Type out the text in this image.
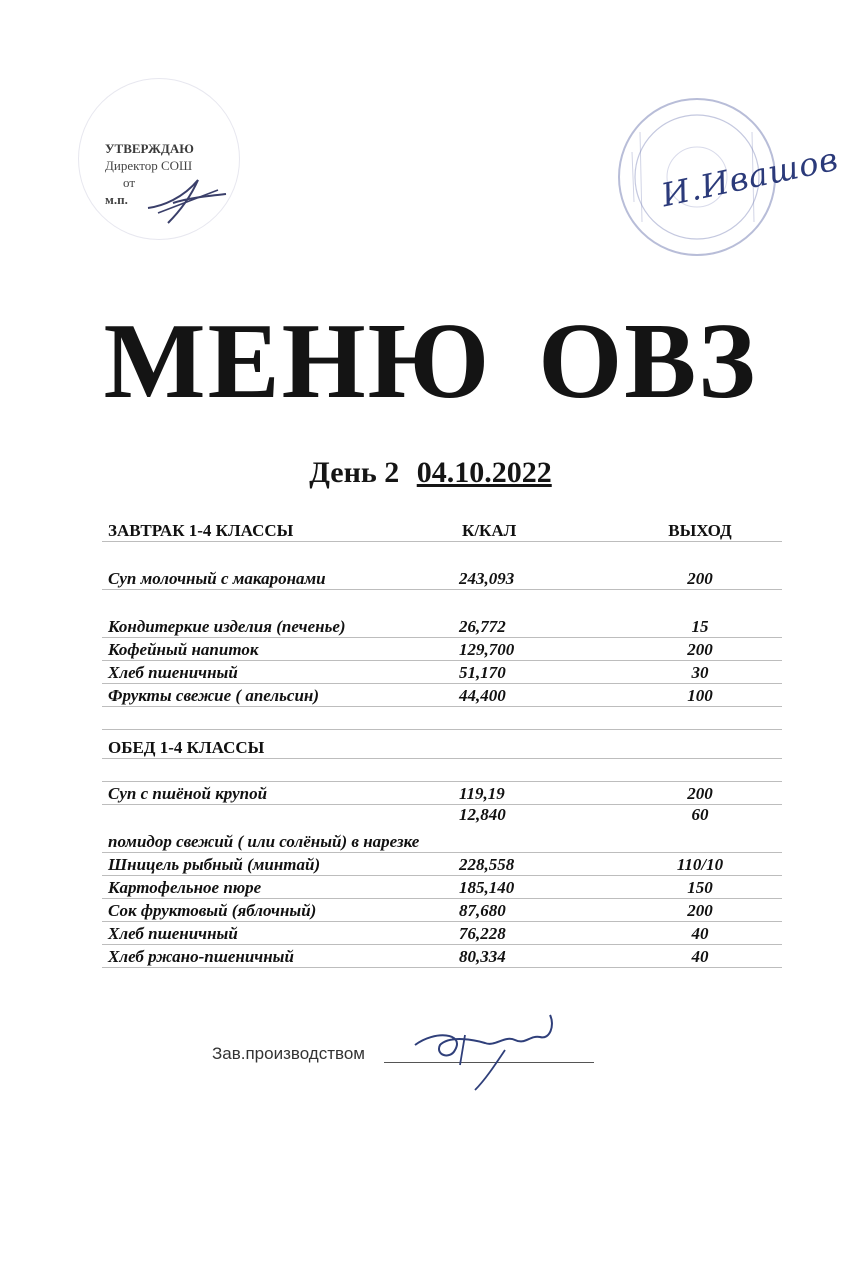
УТВЕРЖДАЮ
Директор СОШ
от
м.п.	И.Ивашов
МЕНЮ ОВЗ
День 2 04.10.2022
ЗАВТРАК 1-4 КЛАССЫ	К/КАЛ	ВЫХОД
Суп молочный с макаронами	243,093	200
Кондитеркие изделия (печенье)	26,772	15
Кофейный напиток	129,700	200
Хлеб пшеничный	51,170	30
Фрукты свежие ( апельсин)	44,400	100

ОБЕД 1-4 КЛАССЫ		

Суп с пшёной крупой	119,19	200
помидор свежий ( или солёный) в нарезке	12,840	60
Шницель рыбный (минтай)	228,558	110/10
Картофельное пюре	185,140	150
Сок фруктовый (яблочный)	87,680	200
Хлеб пшеничный	76,228	40
Хлеб ржано-пшеничный	80,334	40
Зав.производством
